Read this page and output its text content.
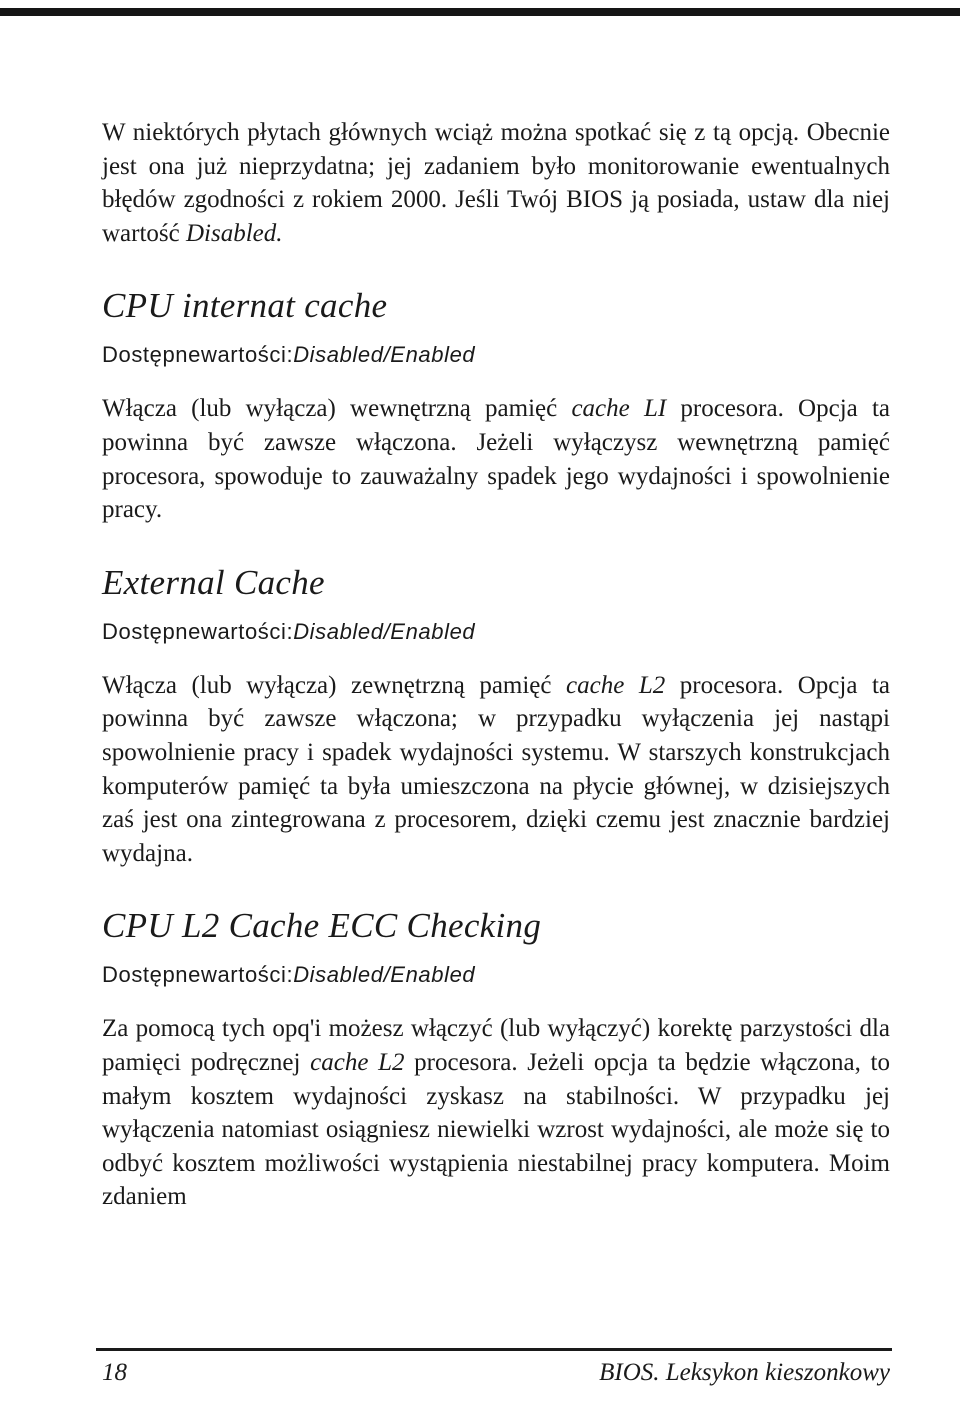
W niektórych płytach głównych wciąż można spotkać się z tą opcją. Obecnie jest ona już nieprzydatna; jej zadaniem było monitorowanie ewentualnych błędów zgodności z rokiem 2000. Jeśli Twój BIOS ją posiada, ustaw dla niej wartość Disabled.

CPU internat cache

Dostępnewartości:Disabled/Enabled

Włącza (lub wyłącza) wewnętrzną pamięć cache LI procesora. Opcja ta powinna być zawsze włączona. Jeżeli wyłączysz wewnętrzną pamięć procesora, spowoduje to zauważalny spadek jego wydajności i spowolnienie pracy.

External Cache

Dostępnewartości:Disabled/Enabled

Włącza (lub wyłącza) zewnętrzną pamięć cache L2 procesora. Opcja ta powinna być zawsze włączona; w przypadku wyłączenia jej nastąpi spowolnienie pracy i spadek wydajności systemu. W starszych konstrukcjach komputerów pamięć ta była umieszczona na płycie głównej, w dzisiejszych zaś jest ona zintegrowana z procesorem, dzięki czemu jest znacznie bardziej wydajna.

CPU L2 Cache ECC Checking

Dostępnewartości:Disabled/Enabled

Za pomocą tych opq'i możesz włączyć (lub wyłączyć) korektę parzystości dla pamięci podręcznej cache L2 procesora. Jeżeli opcja ta będzie włączona, to małym kosztem wydajności zyskasz na stabilności. W przypadku jej wyłączenia natomiast osiągniesz niewielki wzrost wydajności, ale może się to odbyć kosztem możliwości wystąpienia niestabilnej pracy komputera. Moim zdaniem

18	BIOS. Leksykon kieszonkowy
